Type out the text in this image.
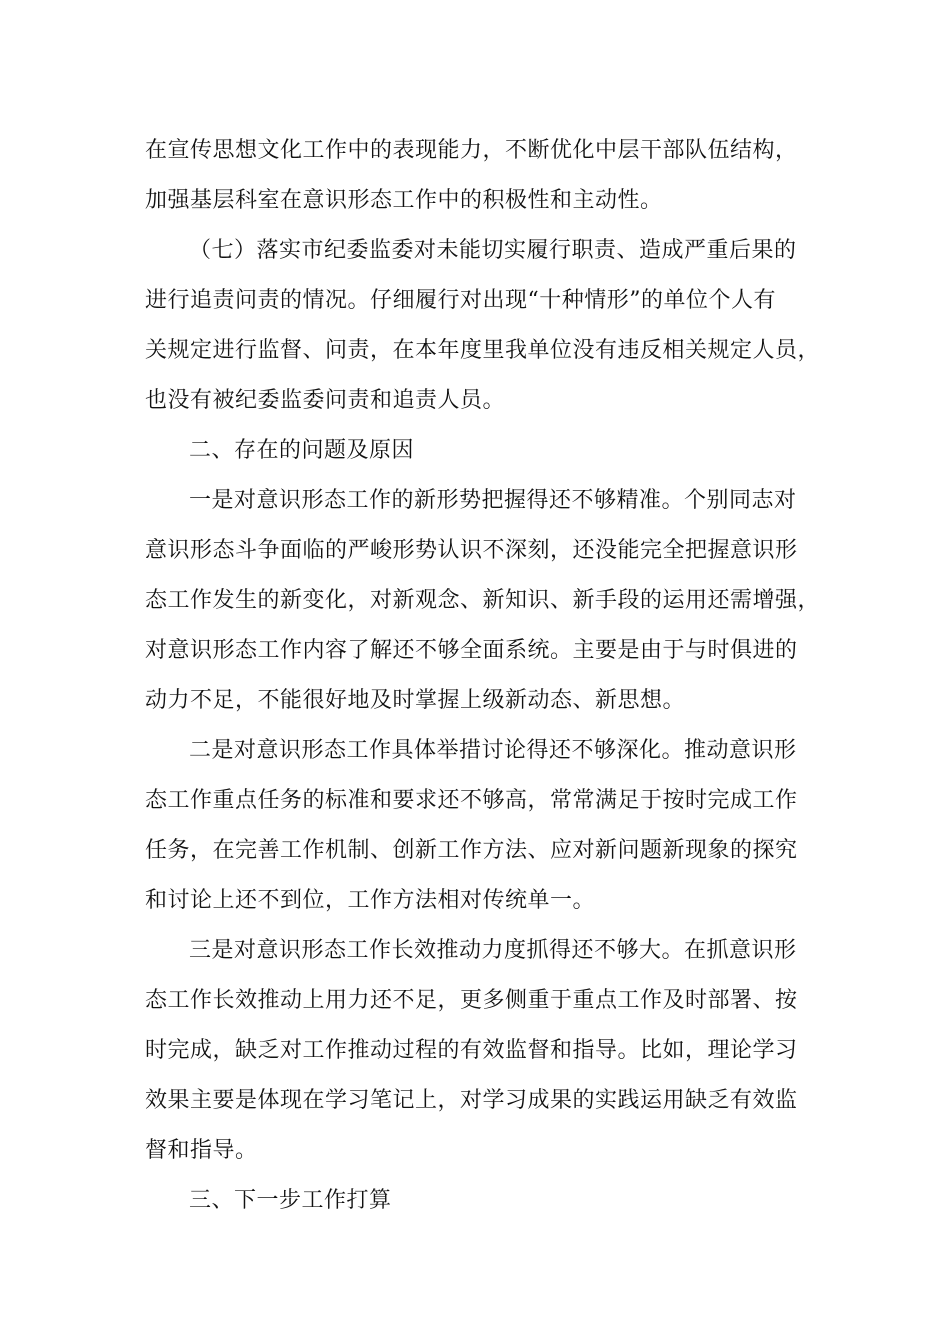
在宣传思想文化工作中的表现能力，不断优化中层干部队伍结构，
加强基层科室在意识形态工作中的积极性和主动性。
（七）落实市纪委监委对未能切实履行职责、造成严重后果的
进行追责问责的情况。仔细履行对出现“十种情形”的单位个人有
关规定进行监督、问责，在本年度里我单位没有违反相关规定人员，
也没有被纪委监委问责和追责人员。
二、存在的问题及原因
一是对意识形态工作的新形势把握得还不够精准。个别同志对
意识形态斗争面临的严峻形势认识不深刻，还没能完全把握意识形
态工作发生的新变化，对新观念、新知识、新手段的运用还需增强，
对意识形态工作内容了解还不够全面系统。主要是由于与时俱进的
动力不足，不能很好地及时掌握上级新动态、新思想。
二是对意识形态工作具体举措讨论得还不够深化。推动意识形
态工作重点任务的标准和要求还不够高，常常满足于按时完成工作
任务，在完善工作机制、创新工作方法、应对新问题新现象的探究
和讨论上还不到位，工作方法相对传统单一。
三是对意识形态工作长效推动力度抓得还不够大。在抓意识形
态工作长效推动上用力还不足，更多侧重于重点工作及时部署、按
时完成，缺乏对工作推动过程的有效监督和指导。比如，理论学习
效果主要是体现在学习笔记上，对学习成果的实践运用缺乏有效监
督和指导。
三、下一步工作打算
